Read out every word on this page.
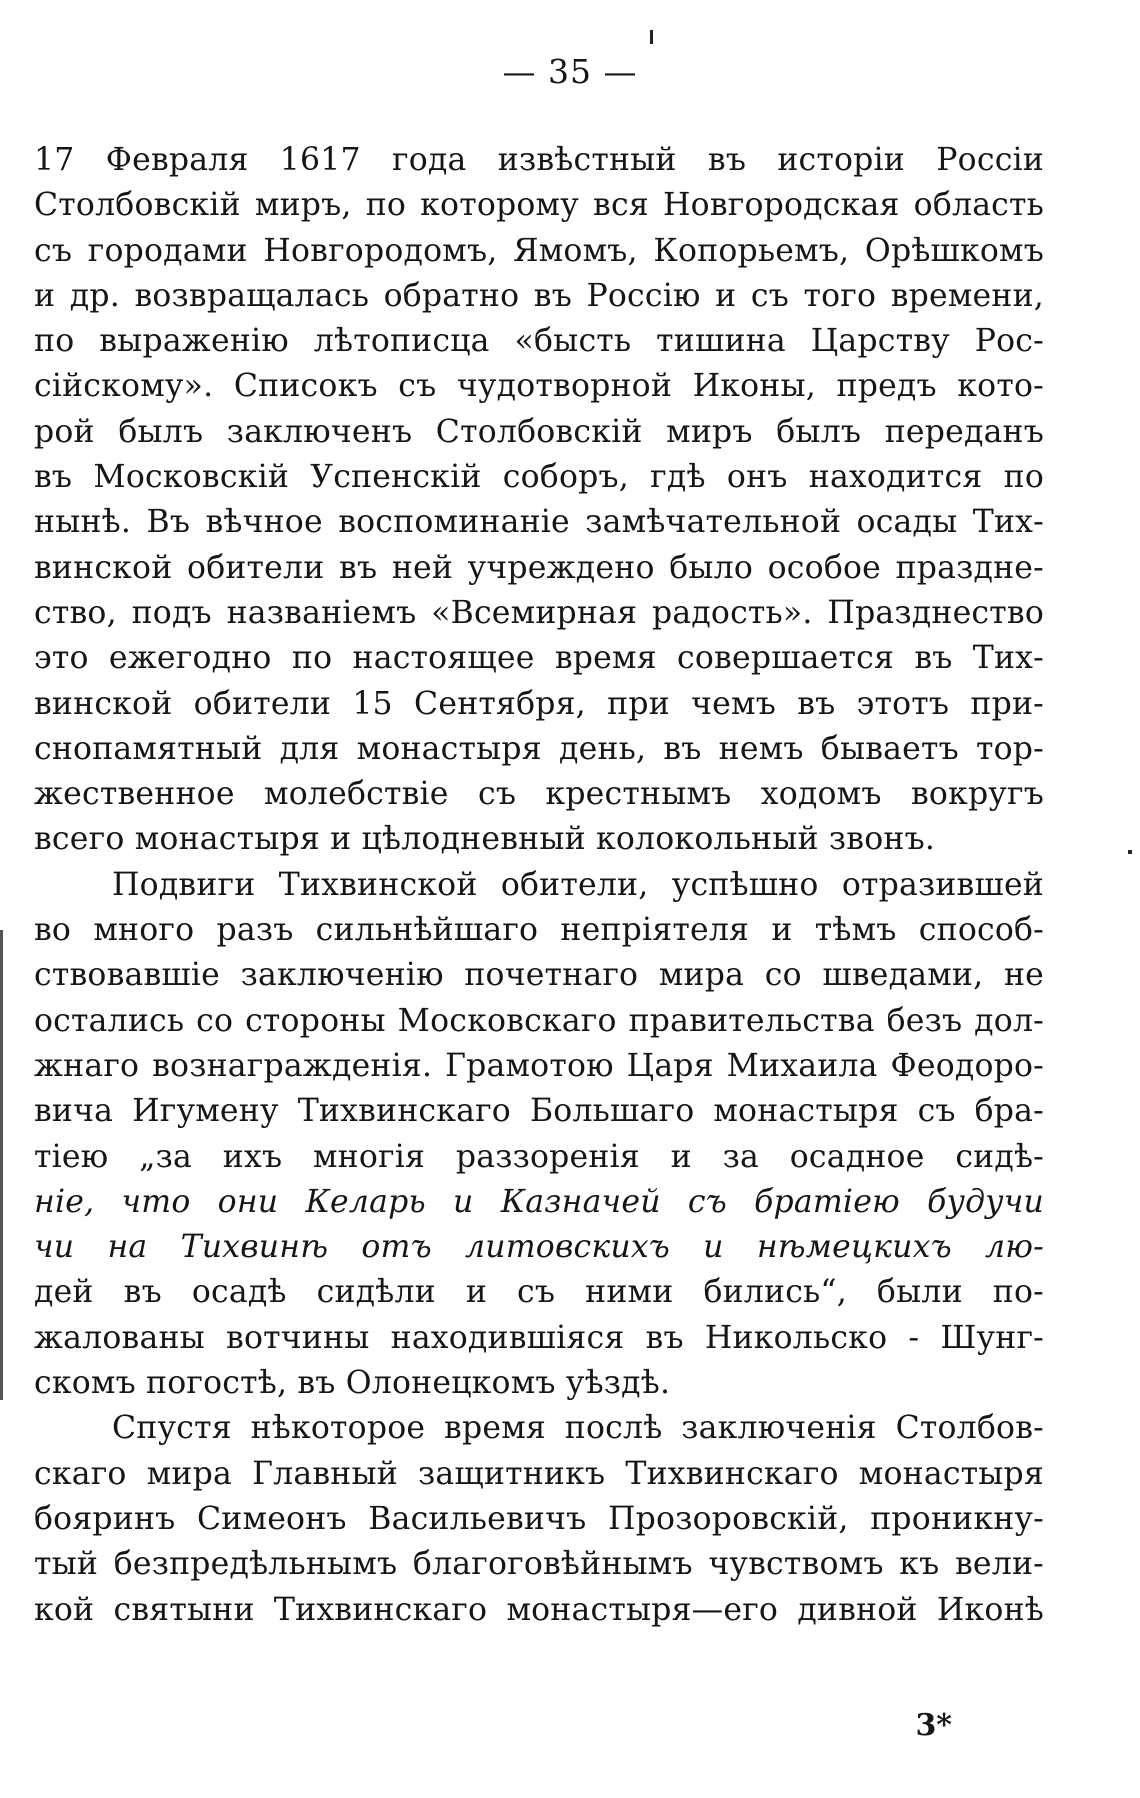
— 35 —
17 Февраля 1617 года извѣстный въ исторіи Россіи
Столбовскій миръ, по которому вся Новгородская область
съ городами Новгородомъ, Ямомъ, Копорьемъ, Орѣшкомъ
и др. возвращалась обратно въ Россію и съ того времени,
по выраженію лѣтописца «бысть тишина Царству Рос-
сійскому». Списокъ съ чудотворной Иконы, предъ кото-
рой былъ заключенъ Столбовскій миръ былъ переданъ
въ Московскій Успенскій соборъ, гдѣ онъ находится по
нынѣ. Въ вѣчное воспоминаніе замѣчательной осады Тих-
винской обители въ ней учреждено было особое праздне-
ство, подъ названіемъ «Всемирная радость». Празднество
это ежегодно по настоящее время совершается въ Тих-
винской обители 15 Сентября, при чемъ въ этотъ при-
снопамятный для монастыря день, въ немъ бываетъ тор-
жественное молебствіе съ крестнымъ ходомъ вокругъ
всего монастыря и цѣлодневный колокольный звонъ.
Подвиги Тихвинской обители, успѣшно отразившей
во много разъ сильнѣйшаго непріятеля и тѣмъ способ-
ствовавшіе заключенію почетнаго мира со шведами, не
остались со стороны Московскаго правительства безъ дол-
жнаго вознагражденія. Грамотою Царя Михаила Феодоро-
вича Игумену Тихвинскаго Большаго монастыря съ бра-
тіею „за ихъ многія раззоренія и за осадное сидѣ-
ніе, что они Келарь и Казначей съ братіею будучи
чи на Тихвинѣ отъ литовскихъ и нѣмецкихъ лю-
дей въ осадѣ сидѣли и съ ними бились“, были по-
жалованы вотчины находившіяся въ Никольско - Шунг-
скомъ погостѣ, въ Олонецкомъ уѣздѣ.
Спустя нѣкоторое время послѣ заключенія Столбов-
скаго мира Главный защитникъ Тихвинскаго монастыря
бояринъ Симеонъ Васильевичъ Прозоровскій, проникну-
тый безпредѣльнымъ благоговѣйнымъ чувствомъ къ вели-
кой святыни Тихвинскаго монастыря—его дивной Иконѣ
3*
